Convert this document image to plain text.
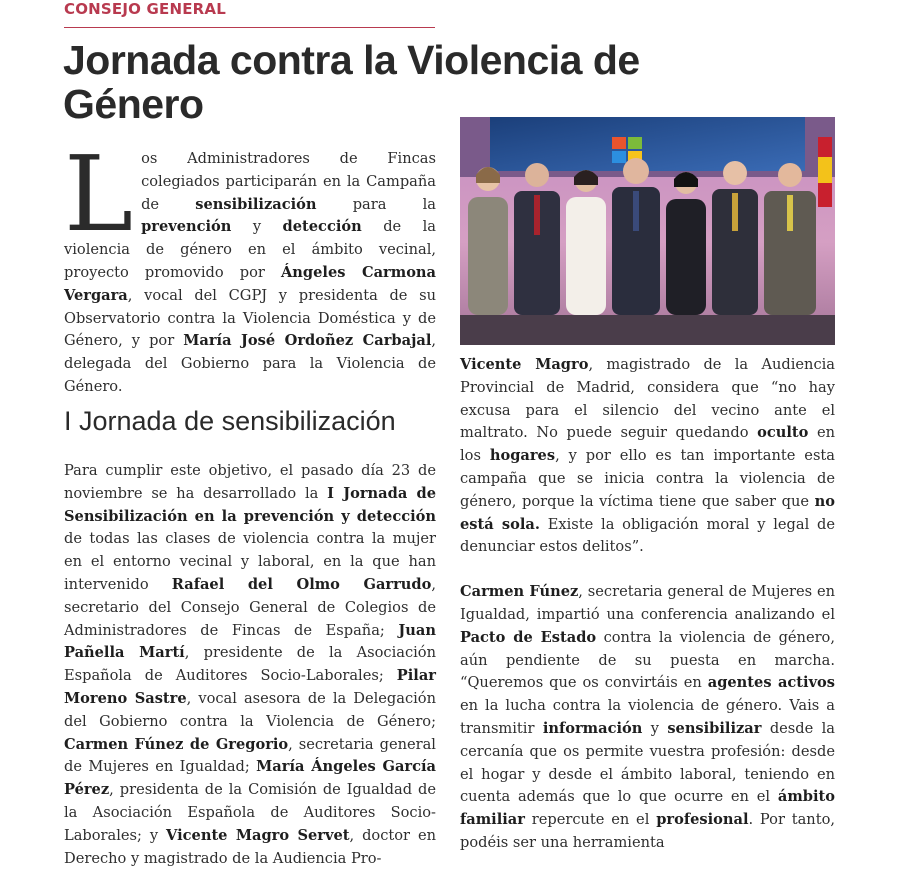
CONSEJO GENERAL
Jornada contra la Violencia de Género
L os Administradores de Fincas colegiados participarán en la Campaña de sensibilización para la prevención y detección de la violencia de género en el ámbito vecinal, proyecto promovido por Ángeles Carmona Vergara, vocal del CGPJ y presidenta de su Observatorio contra la Violencia Doméstica y de Género, y por María José Ordoñez Carbajal, delegada del Gobierno para la Violencia de Género.

I Jornada de sensibilización

Para cumplir este objetivo, el pasado día 23 de noviembre se ha desarrollado la I Jornada de Sensibilización en la prevención y detección de todas las clases de violencia contra la mujer en el entorno vecinal y laboral, en la que han intervenido Rafael del Olmo Garrudo, secretario del Consejo General de Colegios de Administradores de Fincas de España; Juan Pañella Martí, presidente de la Asociación Española de Auditores Socio-Laborales; Pilar Moreno Sastre, vocal asesora de la Delegación del Gobierno contra la Violencia de Género; Carmen Fúnez de Gregorio, secretaria general de Mujeres en Igualdad; María Ángeles García Pérez, presidenta de la Comisión de Igualdad de la Asociación Española de Auditores Socio-Laborales; y Vicente Magro Servet, doctor en Derecho y magistrado de la Audiencia Pro-

Vicente Magro, magistrado de la Audiencia Provincial de Madrid, considera que “no hay excusa para el silencio del vecino ante el maltrato. No puede seguir quedando oculto en los hogares, y por ello es tan importante esta campaña que se inicia contra la violencia de género, porque la víctima tiene que saber que no está sola. Existe la obligación moral y legal de denunciar estos delitos”.

Carmen Fúnez, secretaria general de Mujeres en Igualdad, impartió una conferencia analizando el Pacto de Estado contra la violencia de género, aún pendiente de su puesta en marcha. “Queremos que os convirtáis en agentes activos en la lucha contra la violencia de género. Vais a transmitir información y sensibilizar desde la cercanía que os permite vuestra profesión: desde el hogar y desde el ámbito laboral, teniendo en cuenta además que lo que ocurre en el ámbito familiar repercute en el profesional. Por tanto, podéis ser una herramienta
